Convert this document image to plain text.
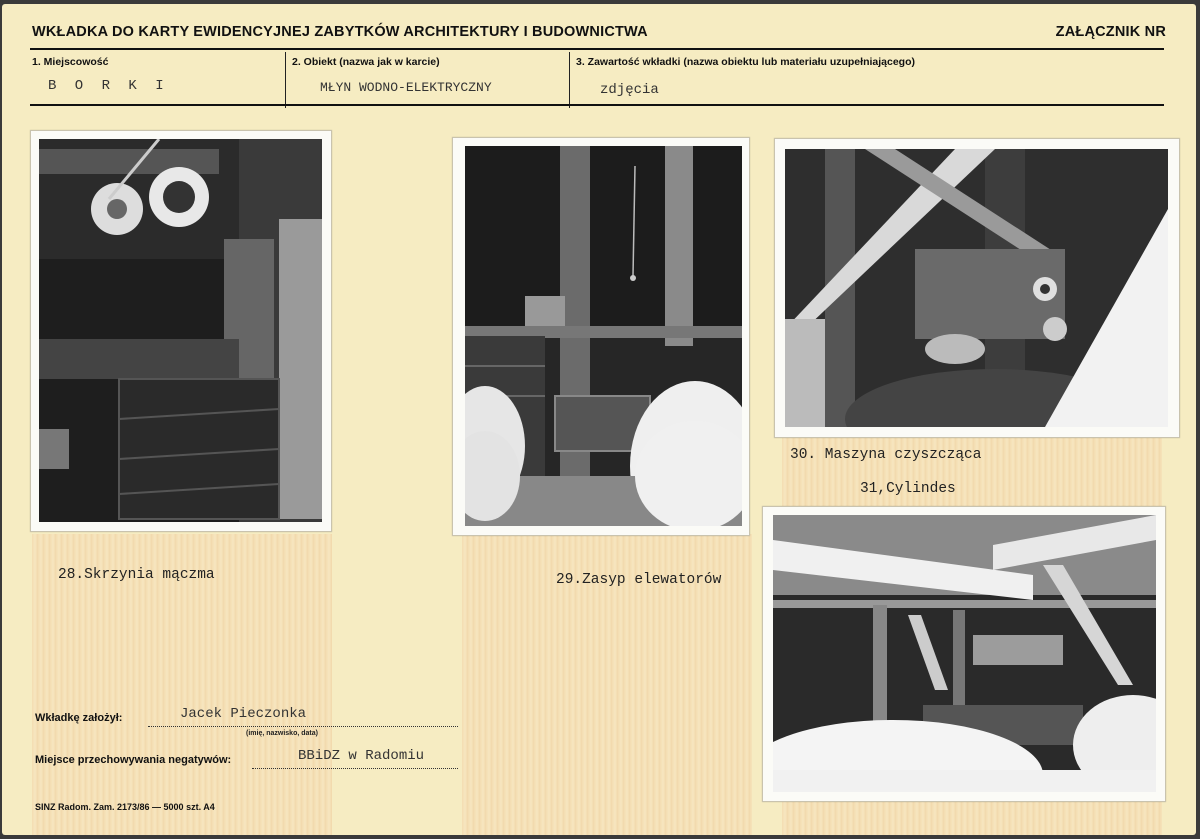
WKŁADKA DO KARTY EWIDENCYJNEJ ZABYTKÓW ARCHITEKTURY I BUDOWNICTWA	ZAŁĄCZNIK NR
1. Miejscowość	2. Obiekt (nazwa jak w karcie)	3. Zawartość wkładki (nazwa obiektu lub materiału uzupełniającego)
B O R K I	MŁYN WODNO-ELEKTRYCZNY	zdjęcia
28.Skrzynia mączma	29.Zasyp elewatorów
30. Maszyna czyszcząca
31,Cylindes
Wkładkę założył:	Jacek Pieczonka
(imię, nazwisko, data)
Miejsce przechowywania negatywów:	BBiDZ w Radomiu
SINZ Radom. Zam. 2173/86 — 5000 szt. A4
